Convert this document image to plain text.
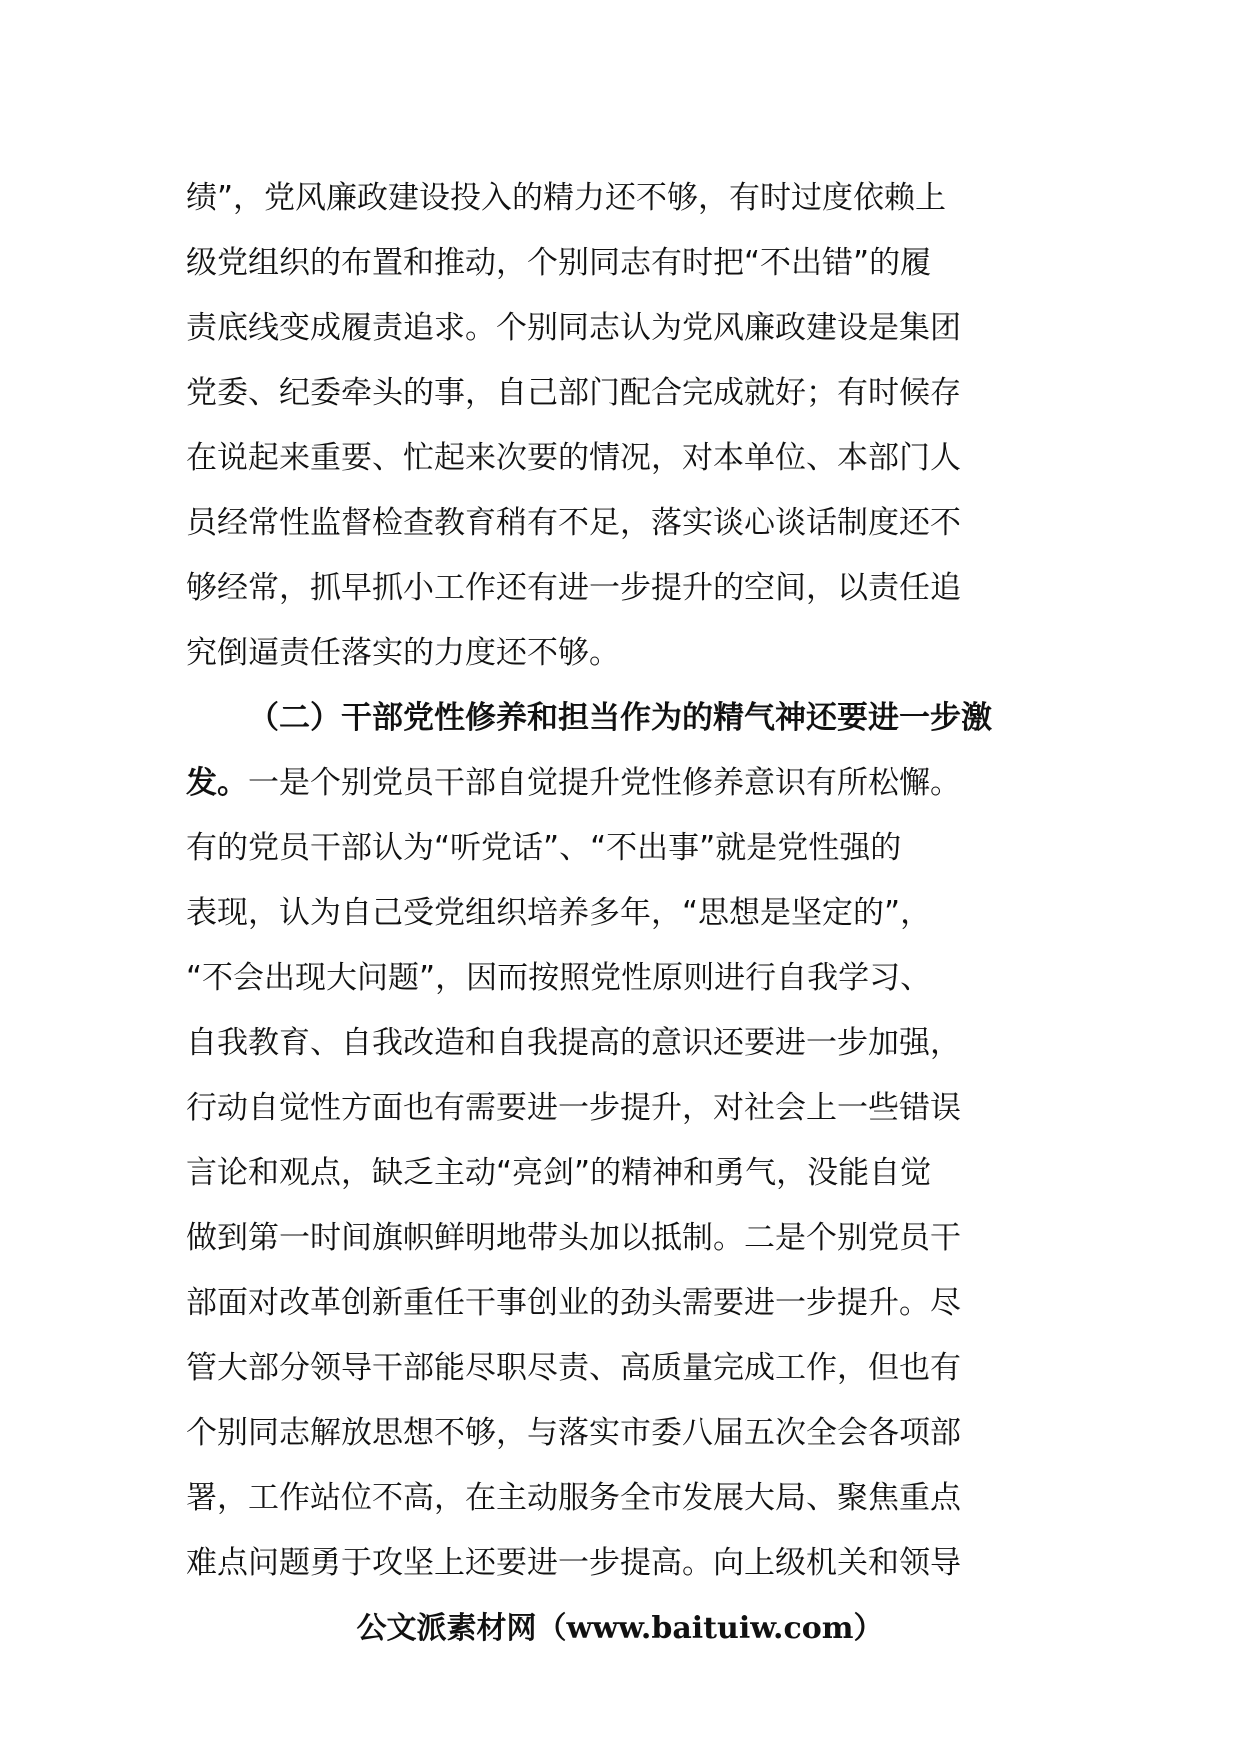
绩”，党风廉政建设投入的精力还不够，有时过度依赖上
级党组织的布置和推动，个别同志有时把“不出错”的履
责底线变成履责追求。个别同志认为党风廉政建设是集团
党委、纪委牵头的事，自己部门配合完成就好；有时候存
在说起来重要、忙起来次要的情况，对本单位、本部门人
员经常性监督检查教育稍有不足，落实谈心谈话制度还不
够经常，抓早抓小工作还有进一步提升的空间，以责任追
究倒逼责任落实的力度还不够。
（二）干部党性修养和担当作为的精气神还要进一步激
发。一是个别党员干部自觉提升党性修养意识有所松懈。
有的党员干部认为“听党话”、“不出事”就是党性强的
表现，认为自己受党组织培养多年，“思想是坚定的”，
“不会出现大问题”，因而按照党性原则进行自我学习、
自我教育、自我改造和自我提高的意识还要进一步加强，
行动自觉性方面也有需要进一步提升，对社会上一些错误
言论和观点，缺乏主动“亮剑”的精神和勇气，没能自觉
做到第一时间旗帜鲜明地带头加以抵制。二是个别党员干
部面对改革创新重任干事创业的劲头需要进一步提升。尽
管大部分领导干部能尽职尽责、高质量完成工作，但也有
个别同志解放思想不够，与落实市委八届五次全会各项部
署，工作站位不高，在主动服务全市发展大局、聚焦重点
难点问题勇于攻坚上还要进一步提高。向上级机关和领导
公文派素材网（www.baituiw.com）
